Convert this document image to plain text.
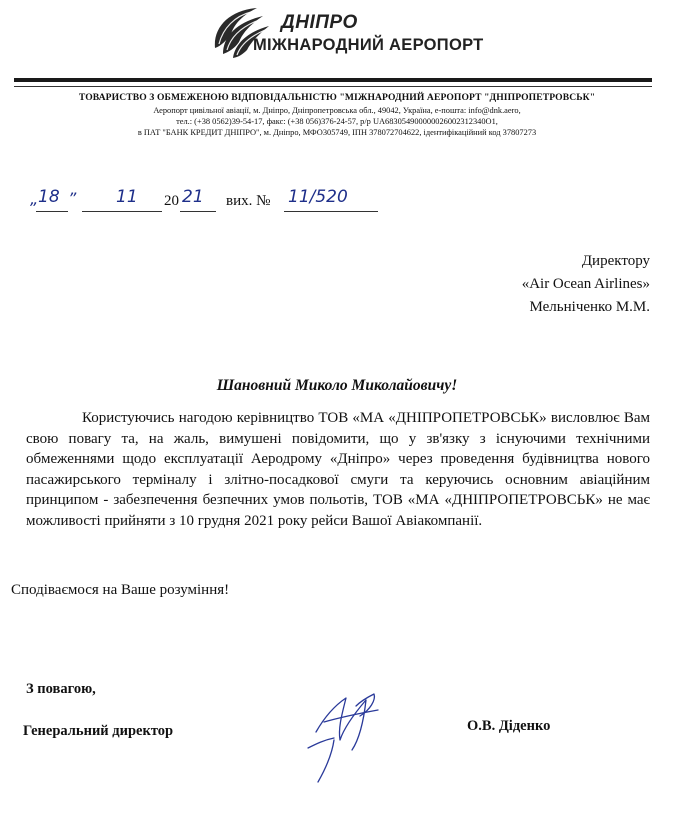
ДНІПРО
МІЖНАРОДНИЙ АЕРОПОРТ
ТОВАРИСТВО З ОБМЕЖЕНОЮ ВІДПОВІДАЛЬНІСТЮ "МІЖНАРОДНИЙ АЕРОПОРТ "ДНІПРОПЕТРОВСЬК"
Аеропорт цивільної авіації, м. Дніпро, Дніпропетровська обл., 49042, Україна, e-пошта: info@dnk.aero,
тел.: (+38 0562)39-54-17, факс: (+38 056)376-24-57, р/р UA683054900000026002312340О1,
в ПАТ "БАНК КРЕДИТ ДНІПРО", м. Дніпро, МФО305749, ІПН 378072704622, ідентифікаційний код 37807273
„ 18 ” 11 20 21 вих. № 11/520
Директору
«Air Ocean Airlines»
Мельніченко М.М.
Шановний Миколо Миколайовичу!
Користуючись нагодою керівництво ТОВ «МА «ДНІПРОПЕТРОВСЬК» висловлює Вам свою повагу та, на жаль, вимушені повідомити, що у зв'язку з існуючими технічними обмеженнями щодо експлуатації Аеродрому «Дніпро» через проведення будівництва нового пасажирського терміналу і злітно-посадкової смуги та керуючись основним авіаційним принципом - забезпечення безпечних умов польотів, ТОВ «МА «ДНІПРОПЕТРОВСЬК» не має можливості прийняти з 10 грудня 2021 року рейси Вашої Авіакомпанії.
Сподіваємося на Ваше розуміння!
З повагою,
Генеральний директор	О.В. Діденко
